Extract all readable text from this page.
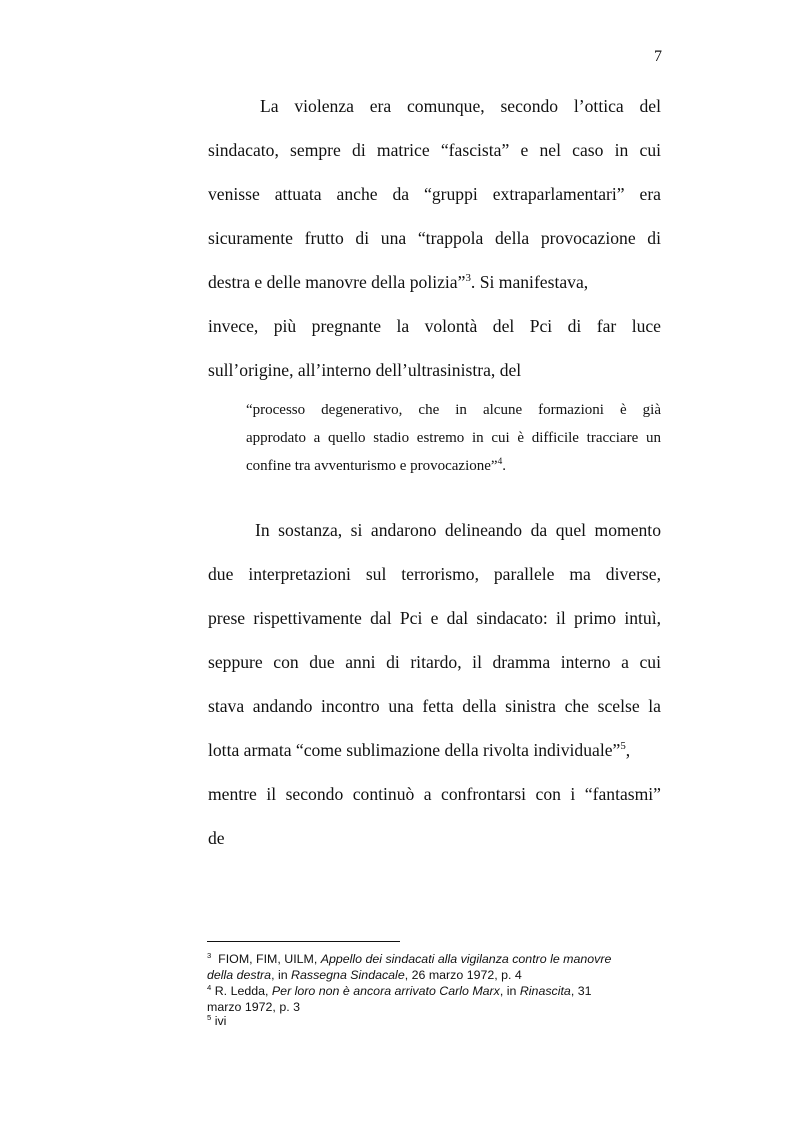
7
La violenza era comunque, secondo l’ottica del
sindacato, sempre di matrice “fascista” e nel caso in cui
venisse attuata anche da “gruppi extraparlamentari” era
sicuramente frutto di una “trappola della provocazione di
destra e delle manovre della polizia”$^3$. Si manifestava,
invece, più pregnante la volontà del Pci di far luce
sull’origine, all’interno dell’ultrasinistra, del
“processo degenerativo, che in alcune formazioni è già
approdato a quello stadio estremo in cui è difficile tracciare un
confine tra avventurismo e provocazione”$^4$.
In sostanza, si andarono delineando da quel momento
due interpretazioni sul terrorismo, parallele ma diverse,
prese rispettivamente dal Pci e dal sindacato: il primo intuì,
seppure con due anni di ritardo, il dramma interno a cui
stava andando incontro una fetta della sinistra che scelse la
lotta armata “come sublimazione della rivolta individuale”$^5$,
mentre il secondo continuò a confrontarsi con i “fantasmi”
de
$^3$ FIOM, FIM, UILM, Appello dei sindacati alla vigilanza contro le manovre
della destra, in Rassegna Sindacale, 26 marzo 1972, p. 4
$^4$ R. Ledda, Per loro non è ancora arrivato Carlo Marx, in Rinascita, 31
marzo 1972, p. 3
$^5$ ivi
